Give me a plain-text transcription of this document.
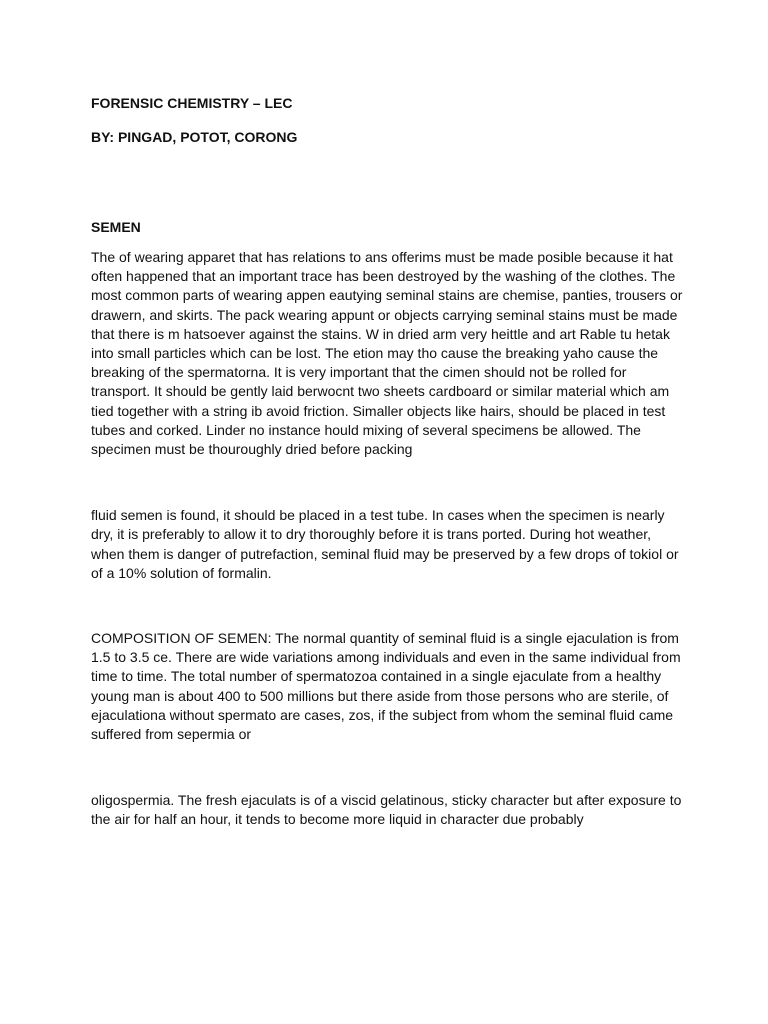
FORENSIC CHEMISTRY – LEC

BY: PINGAD, POTOT, CORONG

SEMEN

The of wearing apparet that has relations to ans offerims must be made posible because it hat often happened that an important trace has been destroyed by the washing of the clothes. The most common parts of wearing appen eautying seminal stains are chemise, panties, trousers or drawern, and skirts. The pack wearing appunt or objects carrying seminal stains must be made that there is m hatsoever against the stains. W in dried arm very heittle and art Rable tu hetak into small particles which can be lost. The etion may tho cause the breaking yaho cause the breaking of the spermatorna. It is very important that the cimen should not be rolled for transport. It should be gently laid berwocnt two sheets cardboard or similar material which am tied together with a string ib avoid friction. Simaller objects like hairs, should be placed in test tubes and corked. Linder no instance hould mixing of several specimens be allowed. The specimen must be thouroughly dried before packing

fluid semen is found, it should be placed in a test tube. In cases when the specimen is nearly dry, it is preferably to allow it to dry thoroughly before it is trans ported. During hot weather, when them is danger of putrefaction, seminal fluid may be preserved by a few drops of tokiol or of a 10% solution of formalin.

COMPOSITION OF SEMEN: The normal quantity of seminal fluid is a single ejaculation is from 1.5 to 3.5 ce. There are wide variations among individuals and even in the same individual from time to time. The total number of spermatozoa contained in a single ejaculate from a healthy young man is about 400 to 500 millions but there aside from those persons who are sterile, of ejaculationa without spermato are cases, zos, if the subject from whom the seminal fluid came suffered from sepermia or

oligospermia. The fresh ejaculats is of a viscid gelatinous, sticky character but after exposure to the air for half an hour, it tends to become more liquid in character due probably
